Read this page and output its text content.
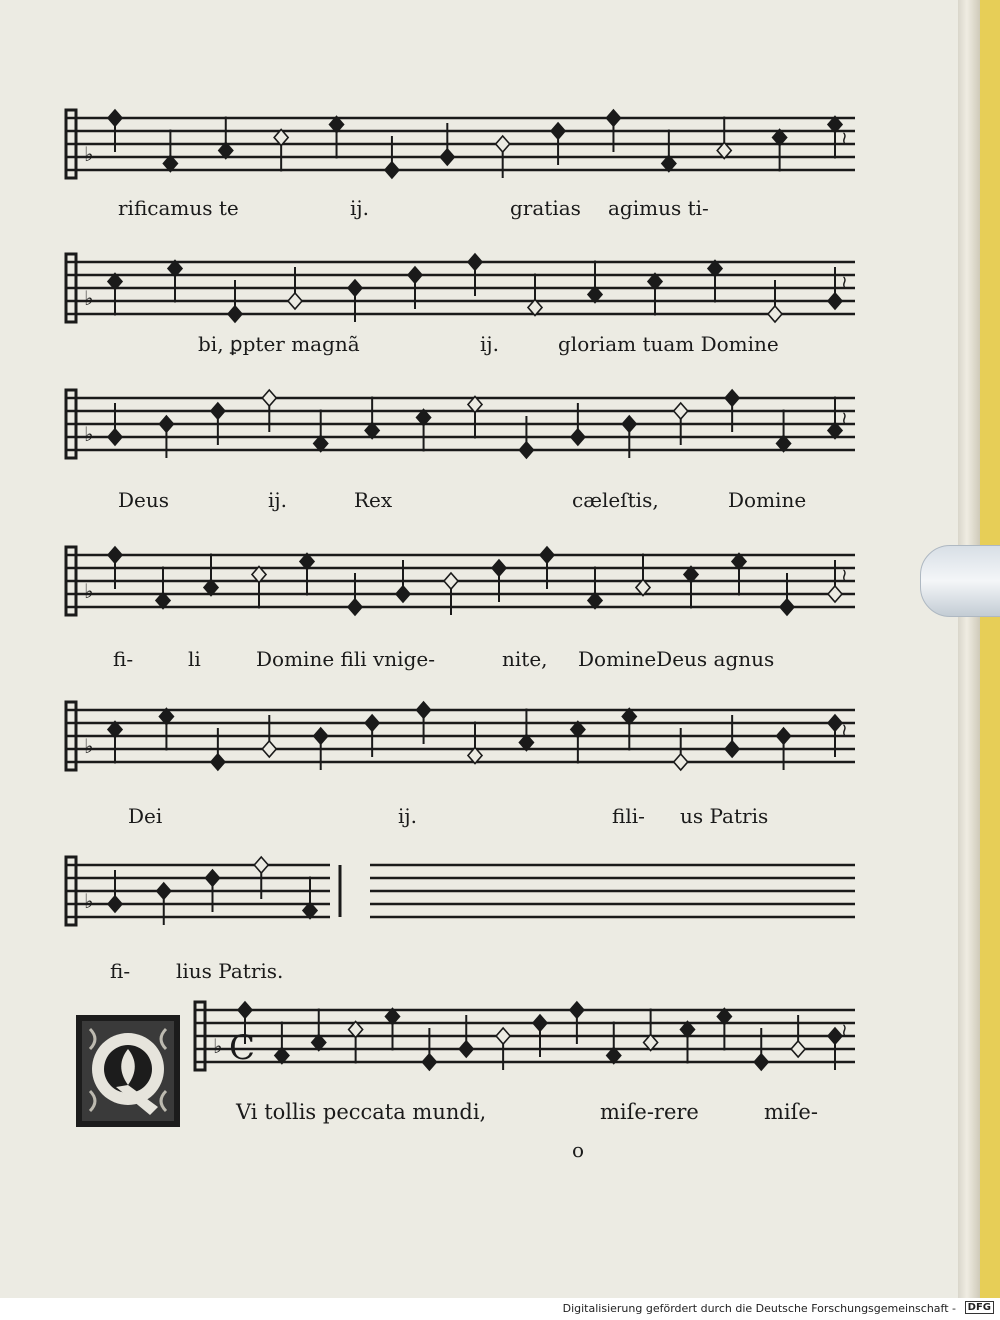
♭
≀
rificamus te	ij.	gratias agimus ti-
♭
≀
bi, ꝑpter magnã	ij.	gloriam tuam Domine
♭
≀
Deus	ij.	Rex	cæleſtis,	Domine
♭
≀
fi-	li	Domine fili vnige-	nite, DomineDeus agnus
♭
≀
Dei	ij.	fili- us Patris
♭
fi- lius Patris.
♭ C	≀
Vi tollis peccata mundi,	miſe-rere	miſe-
o
Digitalisierung gefördert durch die Deutsche Forschungsgemeinschaft -	DFG
